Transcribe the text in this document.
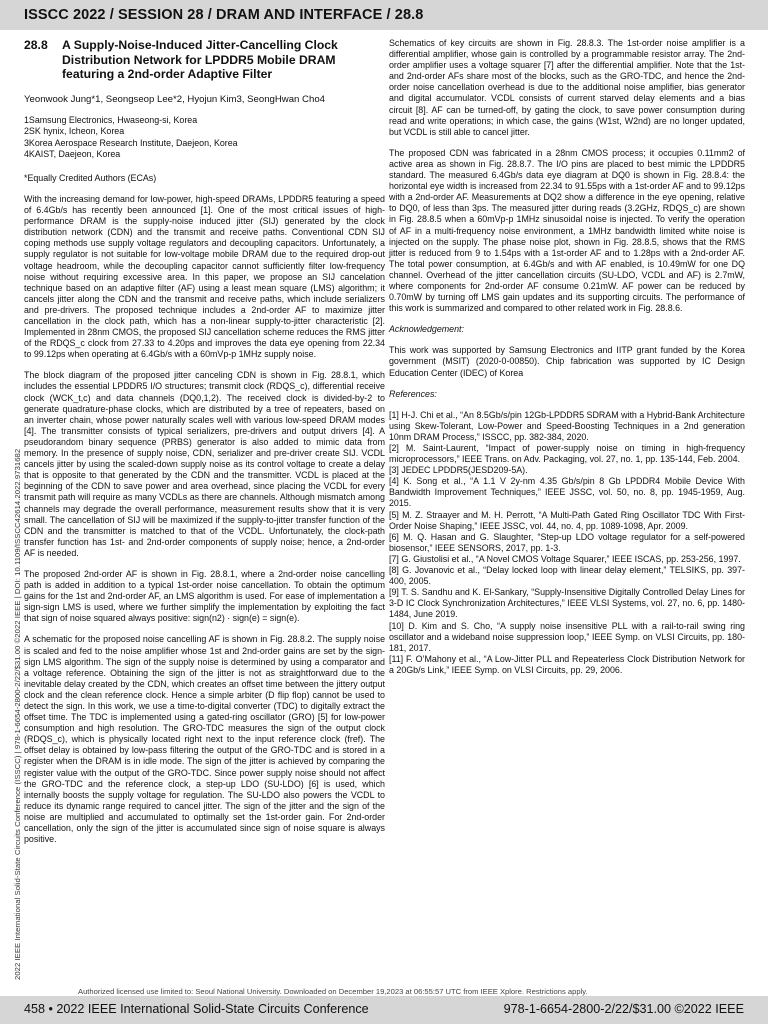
ISSCC 2022 / SESSION 28 / DRAM AND INTERFACE / 28.8
28.8	A Supply-Noise-Induced Jitter-Cancelling Clock Distribution Network for LPDDR5 Mobile DRAM featuring a 2nd-order Adaptive Filter

Yeonwook Jung*1, Seongseop Lee*2, Hyojun Kim3, SeongHwan Cho4

1Samsung Electronics, Hwaseong-si, Korea
2SK hynix, Icheon, Korea
3Korea Aerospace Research Institute, Daejeon, Korea
4KAIST, Daejeon, Korea

*Equally Credited Authors (ECAs)

With the increasing demand for low-power, high-speed DRAMs, LPDDR5 featuring a speed of 6.4Gb/s has recently been announced [1]. One of the most critical issues of high-performance DRAM is the supply-noise induced jitter (SIJ) generated by the clock distribution network (CDN) and the transmit and receive paths. Conventional CDN SIJ coping methods use supply voltage regulators and decoupling capacitors. Unfortunately, a supply regulator is not suitable for low-voltage mobile DRAM due to the required drop-out voltage headroom, while the decoupling capacitor cannot sufficiently filter low-frequency noise without requiring excessive area. In this paper, we propose an SIJ cancelation technique based on an adaptive filter (AF) using a least mean square (LMS) algorithm; it cancels jitter along the CDN and the transmit and receive paths, which include serializers and pre-drivers. The proposed technique includes a 2nd-order AF to maximize jitter cancellation in the clock path, which has a non-linear supply-to-jitter characteristic [2]. Implemented in 28nm CMOS, the proposed SIJ cancellation scheme reduces the RMS jitter of the RDQS_c clock from 27.33 to 4.20ps and improves the data eye opening from 22.34 to 99.12ps when operating at 6.4Gb/s with a 60mVp-p 1MHz supply noise.

The block diagram of the proposed jitter canceling CDN is shown in Fig. 28.8.1, which includes the essential LPDDR5 I/O structures; transmit clock (RDQS_c), differential receive clock (WCK_t,c) and data channels (DQ0,1,2). The received clock is divided-by-2 to generate quadrature-phase clocks, which are distributed by a tree of repeaters, based on an inverter chain, whose power naturally scales well with various low-speed DRAM modes [4]. The transmitter consists of typical serializers, pre-drivers and output drivers [4]. A pseudorandom binary sequence (PRBS) generator is also added to mimic data from memory. In the presence of supply noise, CDN, serializer and pre-driver create SIJ. VCDL cancels jitter by using the scaled-down supply noise as its control voltage to create a delay that is opposite to that generated by the CDN and the transmitter. VCDL is placed at the beginning of the CDN to save power and area overhead, since placing the VCDL for every transmit path will require as many VCDLs as there are channels. Although mismatch among channels may degrade the overall performance, measurement results show that it is very small. The cancellation of SIJ will be maximized if the supply-to-jitter transfer function of the CDN and the transmitter is matched to that of the VCDL. Unfortunately, the clock-path transfer function has 1st- and 2nd-order components of supply noise; hence, a 2nd-order AF is needed.

The proposed 2nd-order AF is shown in Fig. 28.8.1, where a 2nd-order noise cancelling path is added in addition to a typical 1st-order noise cancellation. To obtain the optimum gains for the 1st and 2nd-order AF, an LMS algorithm is used. For ease of implementation a sign-sign LMS is used, where we further simplify the implementation by exploiting the fact that sign of noise squared always positive: sign(n2) · sign(e) = sign(e).

A schematic for the proposed noise cancelling AF is shown in Fig. 28.8.2. The supply noise is scaled and fed to the noise amplifier whose 1st and 2nd-order gains are set by the sign-sign LMS algorithm. The sign of the supply noise is determined by using a comparator and a voltage reference. Obtaining the sign of the jitter is not as straightforward due to the inevitable delay created by the CDN, which creates an offset time between the jittery output clock and the clean reference clock. Hence a simple arbiter (D flip flop) cannot be used to detect the sign. In this work, we use a time-to-digital converter (TDC) to digitally extract the offset time. The TDC is implemented using a gated-ring oscillator (GRO) [5] for low-power consumption and high resolution. The GRO-TDC measures the sign of the output clock (RDQS_c), which is physically located right next to the input reference clock (fref). The offset delay is obtained by low-pass filtering the output of the GRO-TDC and is stored in a register when the DRAM is in idle mode. The sign of the jitter is achieved by comparing the register value with the output of the GRO-TDC. Since power supply noise should not affect the GRO-TDC and the reference clock, a step-up LDO (SU-LDO) [6] is used, which internally boosts the supply voltage for regulation. The SU-LDO also powers the VCDL to reduce its dynamic range required to cancel jitter. The sign of the jitter and the sign of the noise are multiplied and accumulated to optimally set the 1st-order gain. For 2nd-order cancellation, only the sign of the jitter is accumulated since sign of noise square is always positive.

Schematics of key circuits are shown in Fig. 28.8.3. The 1st-order noise amplifier is a differential amplifier, whose gain is controlled by a programmable resistor array. The 2nd-order amplifier uses a voltage squarer [7] after the differential amplifier. Note that the 1st- and 2nd-order AFs share most of the blocks, such as the GRO-TDC, and hence the 2nd-order noise cancellation overhead is due to the additional noise amplifier, bias generator and digital accumulator. VCDL consists of current starved delay elements and a bias circuit [8]. AF can be turned-off, by gating the clock, to save power consumption during read and write operations; in which case, the gains (W1st, W2nd) are no longer updated, but VCDL is still able to cancel jitter.

The proposed CDN was fabricated in a 28nm CMOS process; it occupies 0.11mm2 of active area as shown in Fig. 28.8.7. The I/O pins are placed to best mimic the LPDDR5 standard. The measured 6.4Gb/s data eye diagram at DQ0 is shown in Fig. 28.8.4: the horizontal eye width is increased from 22.34 to 91.55ps with a 1st-order AF and to 99.12ps with a 2nd-order AF. Measurements at DQ2 show a difference in the eye opening, relative to DQ0, of less than 3ps. The measured jitter during reads (3.2GHz, RDQS_c) are shown in Fig. 28.8.5 when a 60mVp-p 1MHz sinusoidal noise is injected. To verify the operation of AF in a multi-frequency noise environment, a 1MHz bandwidth limited white noise is injected on the supply. The phase noise plot, shown in Fig. 28.8.5, shows that the RMS jitter is reduced from 9 to 1.54ps with a 1st-order AF and to 1.28ps with a 2nd-order AF. The total power consumption, at 6.4Gb/s and with AF enabled, is 10.49mW for one DQ channel. Overhead of the jitter cancellation circuits (SU-LDO, VCDL and AF) is 2.7mW, where components for 2nd-order AF consume 0.21mW. AF power can be reduced by 0.70mW by turning off LMS gain updates and its supporting circuits. The performance of this work is summarized and compared to other related work in Fig. 28.8.6.

Acknowledgement:

This work was supported by Samsung Electronics and IITP grant funded by the Korea government (MSIT) (2020-0-00850). Chip fabrication was supported by IC Design Education Center (IDEC) of Korea

References:

[1] H-J. Chi et al., “An 8.5Gb/s/pin 12Gb-LPDDR5 SDRAM with a Hybrid-Bank Architecture using Skew-Tolerant, Low-Power and Speed-Boosting Techniques in a 2nd generation 10nm DRAM Process,” ISSCC, pp. 382-384, 2020.
[2] M. Saint-Laurent, “Impact of power-supply noise on timing in high-frequency microprocessors,” IEEE Trans. on Adv. Packaging, vol. 27, no. 1, pp. 135-144, Feb. 2004.
[3] JEDEC LPDDR5(JESD209-5A).
[4] K. Song et al., “A 1.1 V 2y-nm 4.35 Gb/s/pin 8 Gb LPDDR4 Mobile Device With Bandwidth Improvement Techniques,” IEEE JSSC, vol. 50, no. 8, pp. 1945-1959, Aug. 2015.
[5] M. Z. Straayer and M. H. Perrott, “A Multi-Path Gated Ring Oscillator TDC With First-Order Noise Shaping,” IEEE JSSC, vol. 44, no. 4, pp. 1089-1098, Apr. 2009.
[6] M. Q. Hasan and G. Slaughter, “Step-up LDO voltage regulator for a self-powered biosensor,” IEEE SENSORS, 2017, pp. 1-3.
[7] G. Giustolisi et al., “A Novel CMOS Voltage Squarer,” IEEE ISCAS, pp. 253-256, 1997.
[8] G. Jovanovic et al., “Delay locked loop with linear delay element,” TELSIKS, pp. 397-400, 2005.
[9] T. S. Sandhu and K. El-Sankary, “Supply-Insensitive Digitally Controlled Delay Lines for 3-D IC Clock Synchronization Architectures,” IEEE VLSI Systems, vol. 27, no. 6, pp. 1480-1484, June 2019.
[10] D. Kim and S. Cho, “A supply noise insensitive PLL with a rail-to-rail swing ring oscillator and a wideband noise suppression loop,” IEEE Symp. on VLSI Circuits, pp. 180-181, 2017.
[11] F. O’Mahony et al., “A Low-Jitter PLL and Repeaterless Clock Distribution Network for a 20Gb/s Link,” IEEE Symp. on VLSI Circuits, pp. 29, 2006.
2022 IEEE International Solid-State Circuits Conference (ISSCC) | 978-1-6654-2800-2/22/$31.00 ©2022 IEEE | DOI: 10.1109/ISSCC42614.2022.9731682
Authorized licensed use limited to: Seoul National University. Downloaded on December 19,2023 at 06:55:57 UTC from IEEE Xplore. Restrictions apply.
458 • 2022 IEEE International Solid-State Circuits Conference	978-1-6654-2800-2/22/$31.00 ©2022 IEEE
